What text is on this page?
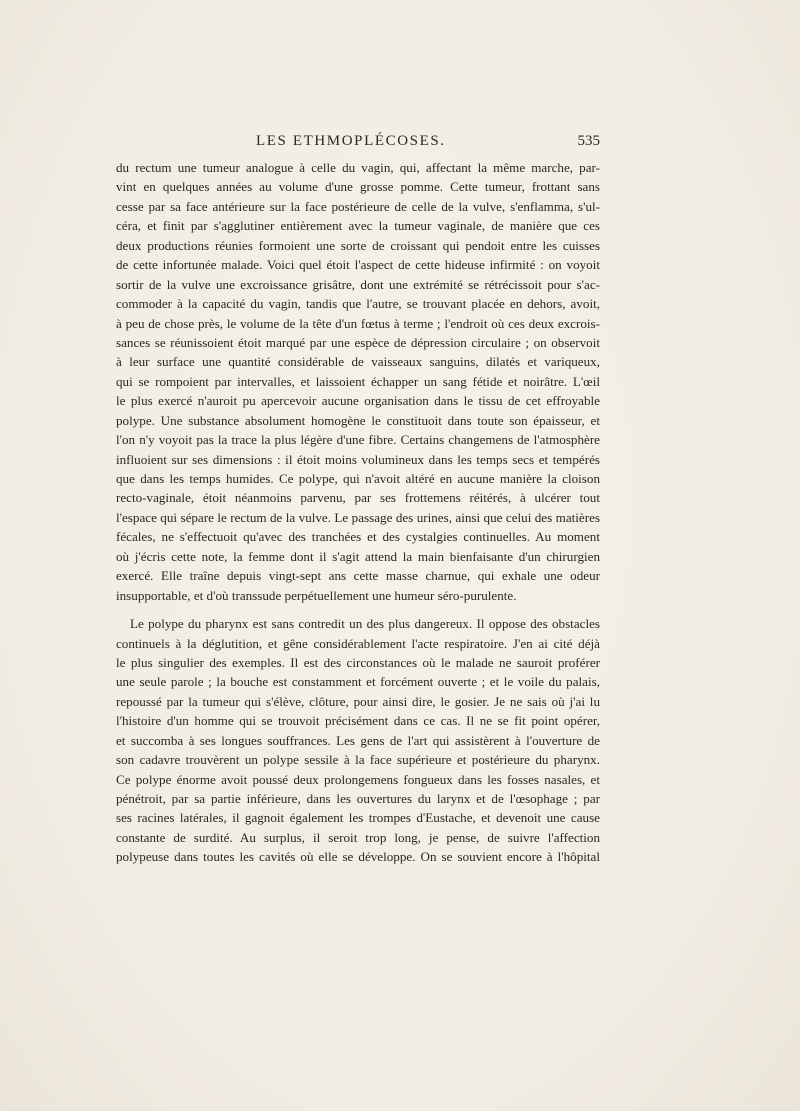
LES ETHMOPLÉCOSES.	535
du rectum une tumeur analogue à celle du vagin, qui, affectant la même marche, par-
vint en quelques années au volume d'une grosse pomme. Cette tumeur, frottant sans
cesse par sa face antérieure sur la face postérieure de celle de la vulve, s'enflamma, s'ul-
céra, et finit par s'agglutiner entièrement avec la tumeur vaginale, de manière que ces
deux productions réunies formoient une sorte de croissant qui pendoit entre les cuisses
de cette infortunée malade. Voici quel étoit l'aspect de cette hideuse infirmité : on voyoit
sortir de la vulve une excroissance grisâtre, dont une extrémité se rétrécissoit pour s'ac-
commoder à la capacité du vagin, tandis que l'autre, se trouvant placée en dehors, avoit,
à peu de chose près, le volume de la tête d'un fœtus à terme ; l'endroit où ces deux excrois-
sances se réunissoient étoit marqué par une espèce de dépression circulaire ; on observoit
à leur surface une quantité considérable de vaisseaux sanguins, dilatés et variqueux,
qui se rompoient par intervalles, et laissoient échapper un sang fétide et noirâtre. L'œil
le plus exercé n'auroit pu apercevoir aucune organisation dans le tissu de cet effroyable
polype. Une substance absolument homogène le constituoit dans toute son épaisseur, et
l'on n'y voyoit pas la trace la plus légère d'une fibre. Certains changemens de l'atmosphère
influoient sur ses dimensions : il étoit moins volumineux dans les temps secs et tempérés
que dans les temps humides. Ce polype, qui n'avoit altéré en aucune manière la cloison
recto-vaginale, étoit néanmoins parvenu, par ses frottemens réitérés, à ulcérer tout
l'espace qui sépare le rectum de la vulve. Le passage des urines, ainsi que celui des matières
fécales, ne s'effectuoit qu'avec des tranchées et des cystalgies continuelles. Au moment
où j'écris cette note, la femme dont il s'agit attend la main bienfaisante d'un chirurgien
exercé. Elle traîne depuis vingt-sept ans cette masse charnue, qui exhale une odeur
insupportable, et d'où transsude perpétuellement une humeur séro-purulente.
Le polype du pharynx est sans contredit un des plus dangereux. Il oppose des obstacles
continuels à la déglutition, et gêne considérablement l'acte respiratoire. J'en ai cité déjà
le plus singulier des exemples. Il est des circonstances où le malade ne sauroit proférer
une seule parole ; la bouche est constamment et forcément ouverte ; et le voile du palais,
repoussé par la tumeur qui s'élève, clôture, pour ainsi dire, le gosier. Je ne sais où j'ai lu
l'histoire d'un homme qui se trouvoit précisément dans ce cas. Il ne se fit point opérer,
et succomba à ses longues souffrances. Les gens de l'art qui assistèrent à l'ouverture de
son cadavre trouvèrent un polype sessile à la face supérieure et postérieure du pharynx.
Ce polype énorme avoit poussé deux prolongemens fongueux dans les fosses nasales, et
pénétroit, par sa partie inférieure, dans les ouvertures du larynx et de l'œsophage ; par
ses racines latérales, il gagnoit également les trompes d'Eustache, et devenoit une cause
constante de surdité. Au surplus, il seroit trop long, je pense, de suivre l'affection
polypeuse dans toutes les cavités où elle se développe. On se souvient encore à l'hôpital
